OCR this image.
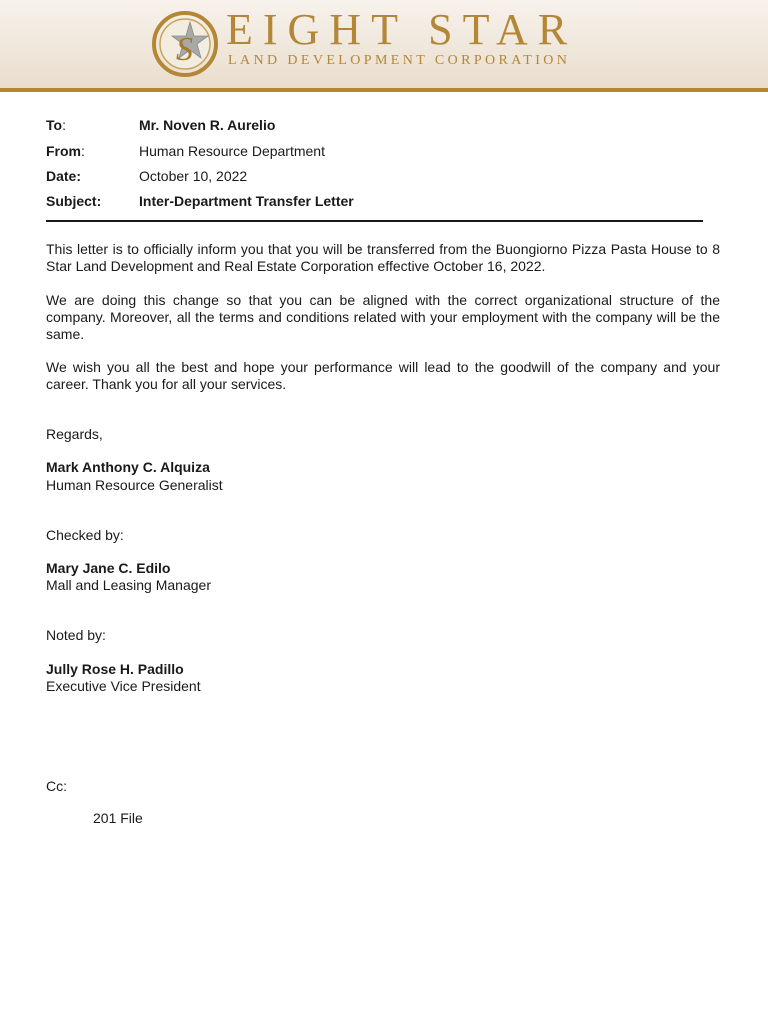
S EIGHT STAR
LAND DEVELOPMENT CORPORATION
To:	Mr. Noven R. Aurelio
From:	Human Resource Department
Date:	October 10, 2022
Subject:	Inter-Department Transfer Letter
This letter is to officially inform you that you will be transferred from the Buongiorno Pizza Pasta House to 8 Star Land Development and Real Estate Corporation effective October 16, 2022.
We are doing this change so that you can be aligned with the correct organizational structure of the company. Moreover, all the terms and conditions related with your employment with the company will be the same.
We wish you all the best and hope your performance will lead to the goodwill of the company and your career. Thank you for all your services.
Regards,
Mark Anthony C. Alquiza
Human Resource Generalist
Checked by:
Mary Jane C. Edilo
Mall and Leasing Manager
Noted by:
Jully Rose H. Padillo
Executive Vice President
Cc:
201 File
